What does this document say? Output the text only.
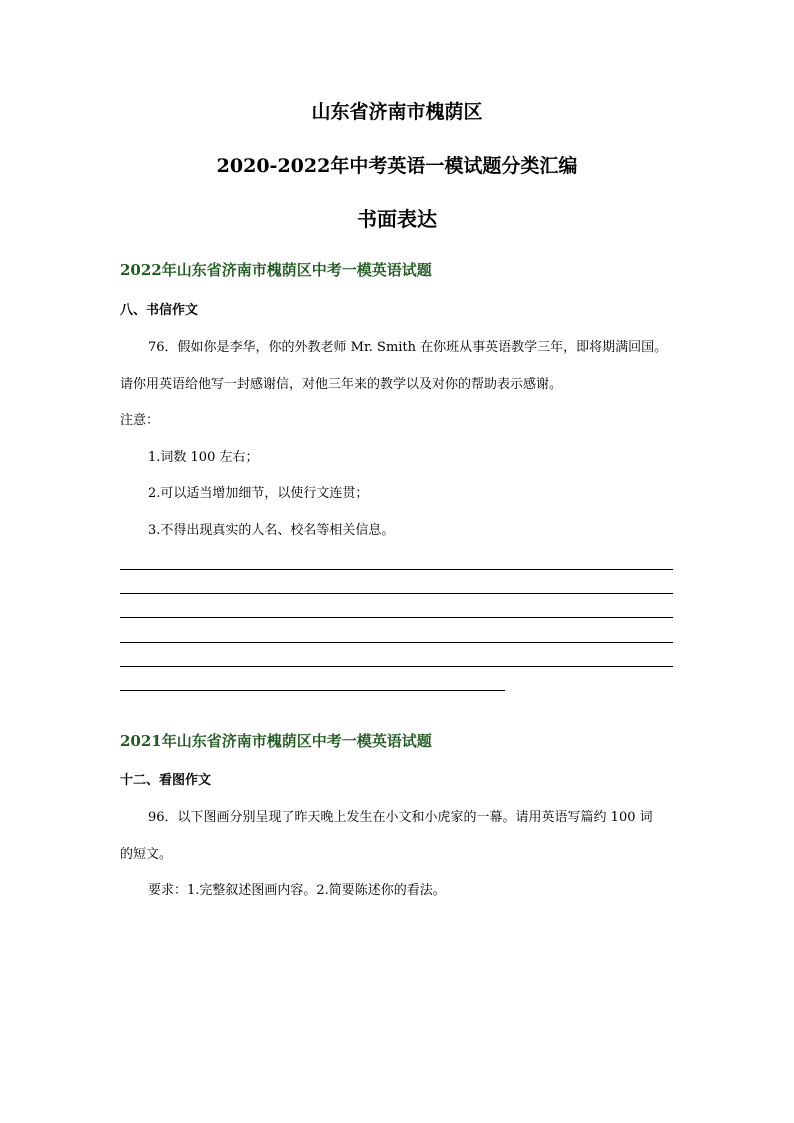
山东省济南市槐荫区
2020-2022年中考英语一模试题分类汇编
书面表达
2022年山东省济南市槐荫区中考一模英语试题
八、书信作文
76．假如你是李华，你的外教老师 Mr. Smith 在你班从事英语教学三年，即将期满回国。
请你用英语给他写一封感谢信，对他三年来的教学以及对你的帮助表示感谢。
注意：
1.词数 100 左右；
2.可以适当增加细节，以使行文连贯；
3.不得出现真实的人名、校名等相关信息。
2021年山东省济南市槐荫区中考一模英语试题
十二、看图作文
96．以下图画分别呈现了昨天晚上发生在小文和小虎家的一幕。请用英语写篇约 100 词
的短文。
要求：1.完整叙述图画内容。2.简要陈述你的看法。
